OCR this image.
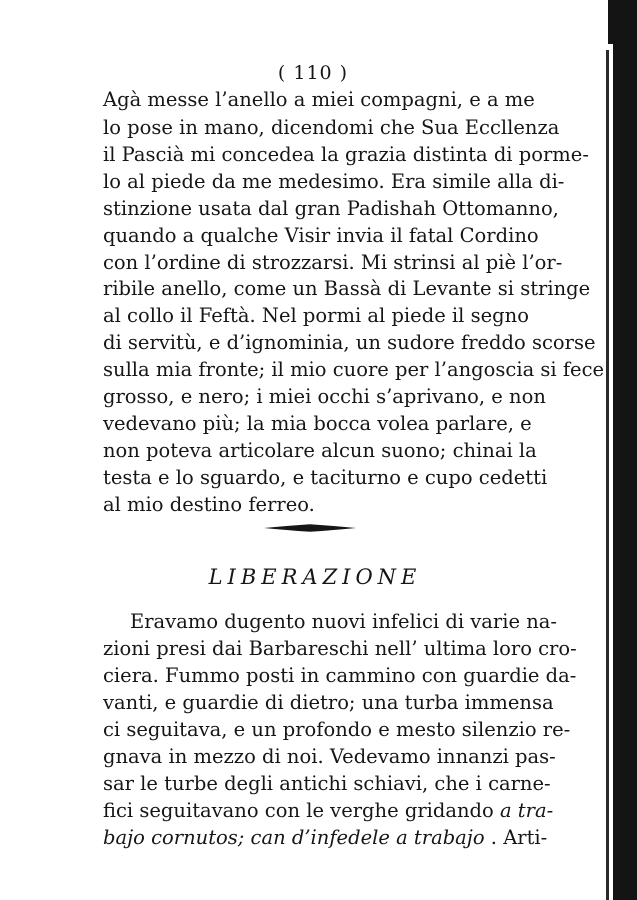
( 110 )
Agà messe l’anello a miei compagni, e a me
lo pose in mano, dicendomi che Sua Eccllenza
il Pascià mi concedea la grazia distinta di porme-
lo al piede da me medesimo. Era simile alla di-
stinzione usata dal gran Padishah Ottomanno,
quando a qualche Visir invia il fatal Cordino
con l’ordine di strozzarsi. Mi strinsi al piè l’or-
ribile anello, come un Bassà di Levante si stringe
al collo il Feftà. Nel pormi al piede il segno
di servitù, e d’ignominia, un sudore freddo scorse
sulla mia fronte; il mio cuore per l’angoscia si fece
grosso, e nero; i miei occhi s’aprivano, e non
vedevano più; la mia bocca volea parlare, e
non poteva articolare alcun suono; chinai la
testa e lo sguardo, e taciturno e cupo cedetti
al mio destino ferreo.
LIBERAZIONE
Eravamo dugento nuovi infelici di varie na-
zioni presi dai Barbareschi nell’ ultima loro cro-
ciera. Fummo posti in cammino con guardie da-
vanti, e guardie di dietro; una turba immensa
ci seguitava, e un profondo e mesto silenzio re-
gnava in mezzo di noi. Vedevamo innanzi pas-
sar le turbe degli antichi schiavi, che i carne-
fici seguitavano con le verghe gridando a tra-
bajo cornutos; can d’infedele a trabajo . Arti-
